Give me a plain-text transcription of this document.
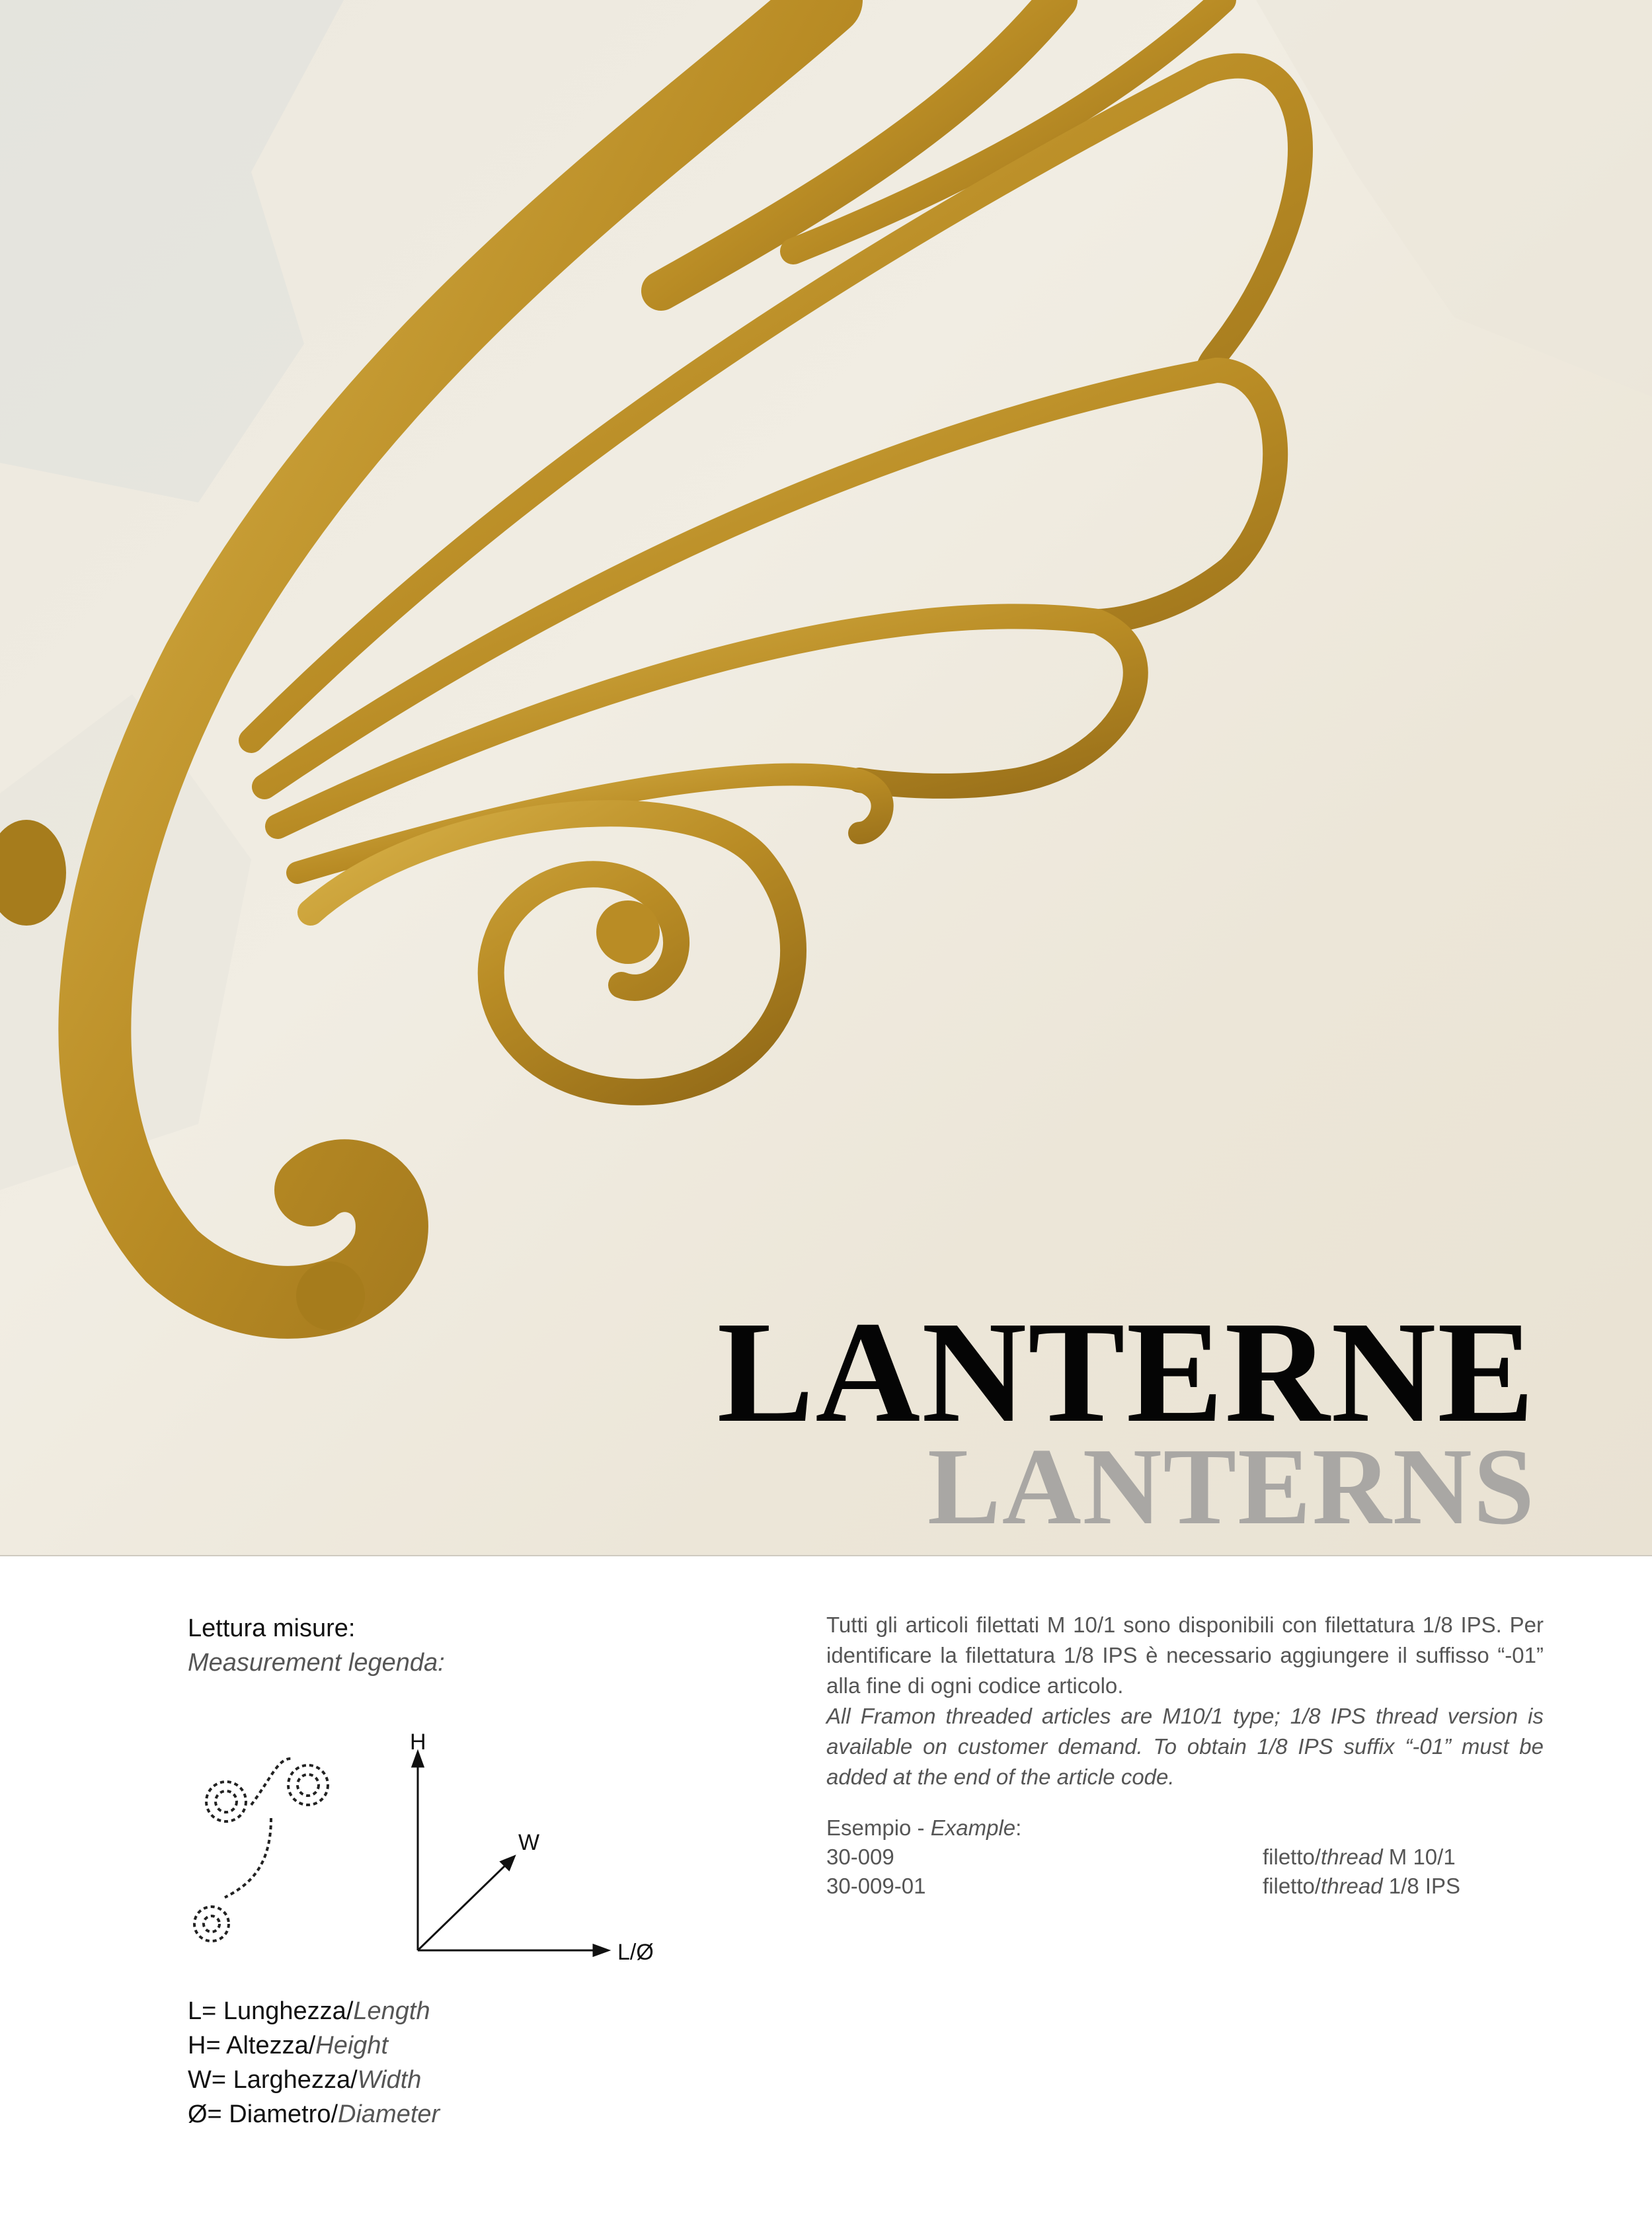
LANTERNE
LANTERNS
Lettura misure:
Measurement legenda:
H
W
L/Ø
L= Lunghezza/Length
H= Altezza/Height
W= Larghezza/Width
Ø= Diametro/Diameter

Tutti gli articoli filettati M 10/1 sono disponibili con filettatura 1/8 IPS. Per identificare la filettatura 1/8 IPS è necessario aggiungere il suffisso “-01” alla fine di ogni codice articolo.

All Framon threaded articles are M10/1 type; 1/8 IPS thread version is available on customer demand. To obtain 1/8 IPS suffix “-01” must be added at the end of the article code.

Esempio - Example:
30-009	filetto/thread M 10/1
30-009-01	filetto/thread 1/8 IPS
